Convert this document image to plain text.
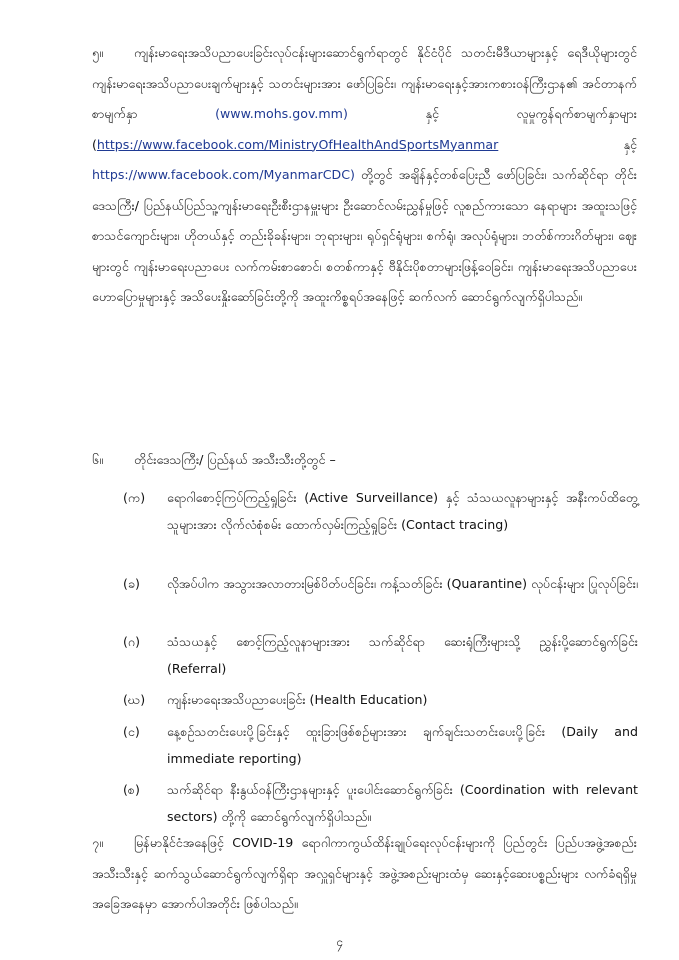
၅။ ကျန်းမာရေးအသိပညာပေးခြင်းလုပ်ငန်းများဆောင်ရွက်ရာတွင် နိုင်ငံပိုင် သတင်းမီဒီယာများနှင့် ရေဒီယိုများတွင် ကျန်းမာရေးအသိပညာပေးချက်များနှင့် သတင်းများအား ဖော်ပြခြင်း၊ ကျန်းမာရေးနှင့်အားကစားဝန်ကြီးဌာန၏ အင်တာနက်စာမျက်နှာ	(www.mohs.gov.mm)	နှင့် လူမှုကွန်ရက်စာမျက်နှာများ (https://www.facebook.com/MinistryOfHealthAndSportsMyanmar	နှင့် https://www.facebook.com/MyanmarCDC) တို့တွင် အချိန်နှင့်တစ်ပြေးညီ ဖော်ပြခြင်း၊ သက်ဆိုင်ရာ တိုင်းဒေသကြီး/ ပြည်နယ်ပြည်သူ့ကျန်းမာရေးဦးစီးဌာနမှူးများ ဦးဆောင်လမ်းညွှန်မှုဖြင့် လူစည်ကားသော နေရာများ အထူးသဖြင့် စာသင်ကျောင်းများ၊ ဟိုတယ်နှင့် တည်းခိုခန်းများ၊ ဘုရားများ၊ ရုပ်ရှင်ရုံများ၊ စက်ရုံ၊ အလုပ်ရုံများ၊ ဘတ်စ်ကားဂိတ်များ၊ ဈေးများတွင် ကျန်းမာရေးပညာပေး လက်ကမ်းစာစောင်၊ စတစ်ကာနှင့် ဗီနိုင်းပိုစတာများဖြန့်ဝေခြင်း၊ ကျန်းမာရေးအသိပညာပေးဟောပြောမှုများနှင့် အသိပေးနှိုးဆော်ခြင်းတို့ကို အထူးကိစ္စရပ်အနေဖြင့် ဆက်လက် ဆောင်ရွက်လျက်ရှိပါသည်။
၆။ တိုင်းဒေသကြီး/ ပြည်နယ် အသီးသီးတို့တွင် –
(က)	ရောဂါစောင့်ကြပ်ကြည့်ရှုခြင်း (Active Surveillance) နှင့် သံသယလူနာများနှင့် အနီးကပ်ထိတွေ့သူများအား လိုက်လံစုံစမ်း ထောက်လှမ်းကြည့်ရှုခြင်း (Contact tracing)
(ခ)	လိုအပ်ပါက အသွားအလာတားမြစ်ပိတ်ပင်ခြင်း၊ ကန့်သတ်ခြင်း (Quarantine) လုပ်ငန်းများ ပြုလုပ်ခြင်း၊
(ဂ)	သံသယနှင့် စောင့်ကြည့်လူနာများအား သက်ဆိုင်ရာ ဆေးရုံကြီးများသို့ ညွှန်းပို့ဆောင်ရွက်ခြင်း (Referral)
(ဃ)	ကျန်းမာရေးအသိပညာပေးခြင်း (Health Education)
(င)	နေ့စဉ်သတင်းပေးပို့ခြင်းနှင့် ထူးခြားဖြစ်စဉ်များအား ချက်ချင်းသတင်းပေးပို့ခြင်း (Daily and immediate reporting)
(စ)	သက်ဆိုင်ရာ နီးနွယ်ဝန်ကြီးဌာနများနှင့် ပူးပေါင်းဆောင်ရွက်ခြင်း (Coordination with relevant sectors) တို့ကို ဆောင်ရွက်လျက်ရှိပါသည်။
၇။ မြန်မာနိုင်ငံအနေဖြင့် COVID-19 ရောဂါကာကွယ်ထိန်းချုပ်ရေးလုပ်ငန်းများကို ပြည်တွင်း ပြည်ပအဖွဲ့အစည်းအသီးသီးနှင့် ဆက်သွယ်ဆောင်ရွက်လျက်ရှိရာ အလှူရှင်များနှင့် အဖွဲ့အစည်းများထံမှ ဆေးနှင့်ဆေးပစ္စည်းများ လက်ခံရရှိမှုအခြေအနေမှာ အောက်ပါအတိုင်း ဖြစ်ပါသည်။
၄
